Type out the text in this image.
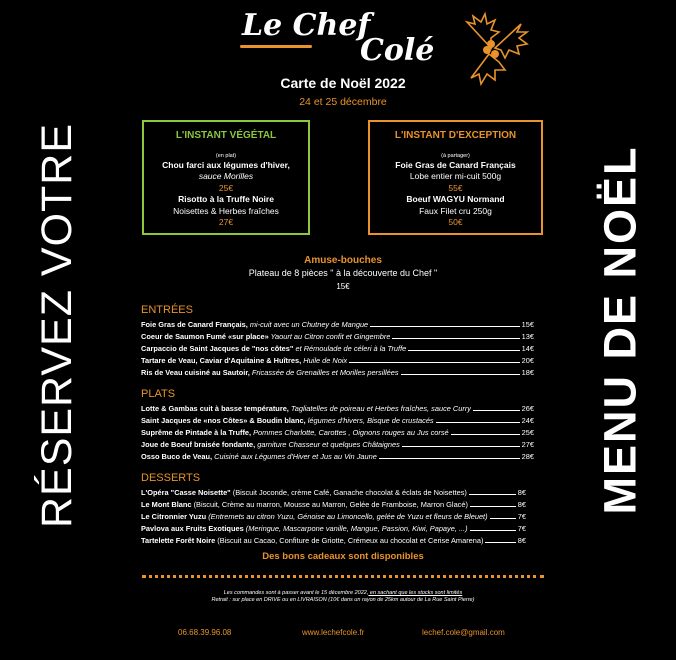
RÉSERVEZ VOTRE	MENU DE NOËL
Le Chef
Colé
Carte de Noël 2022
24 et 25 décembre
L'INSTANT VÉGÉTAL
(en plat)
Chou farci aux légumes d'hiver,
sauce Morilles
25€
Risotto à la Truffe Noire
Noisettes & Herbes fraîches
27€
L'INSTANT D'EXCEPTION
(à partager)
Foie Gras de Canard Français
Lobe entier mi-cuit 500g
55€
Boeuf WAGYU Normand
Faux Filet cru 250g
50€
Amuse-bouches
Plateau de 8 pièces " à la découverte du Chef "
15€
ENTRÉES
Foie Gras de Canard Français, mi-cuit avec un Chutney de Mangue	15€
Coeur de Saumon Fumé «sur place» Yaourt au Citron confit et Gingembre	13€
Carpaccio de Saint Jacques de "nos côtes" et Rémoulade de céleri à la Truffe	14€
Tartare de Veau, Caviar d'Aquitaine & Huîtres, Huile de Noix	20€
Ris de Veau cuisiné au Sautoir, Fricassée de Grenailles et Morilles persillées	18€
PLATS
Lotte & Gambas cuit à basse température, Tagliatelles de poireau et Herbes fraîches, sauce Curry	26€
Saint Jacques de «nos Côtes» & Boudin blanc, légumes d'hivers, Bisque de crustacés	24€
Suprême de Pintade à la Truffe, Pommes Charlotte, Carottes , Oignons rouges au Jus corsé	25€
Joue de Boeuf braisée fondante, garniture Chasseur et quelques Châtaignes	27€
Osso Buco de Veau, Cuisiné aux Légumes d'Hiver et Jus au Vin Jaune	28€
DESSERTS
L'Opéra "Casse Noisette" (Biscuit Joconde, crème Café, Ganache chocolat & éclats de Noisettes)	8€
Le Mont Blanc (Biscuit, Crème au marron, Mousse au Marron, Gelée de Framboise, Marron Glacé)	8€
Le Citronnier Yuzu (Entremets au citron Yuzu, Génoise au Limoncello, gelée de Yuzu et fleurs de Bleuet)	7€
Pavlova aux Fruits Exotiques (Meringue, Mascarpone vanille, Mangue, Passion, Kiwi, Papaye, ...)	7€
Tartelette Forêt Noire (Biscuit au Cacao, Confiture de Griotte, Crémeux au chocolat et Cerise Amarena)	8€
Des bons cadeaux sont disponibles
Les commandes sont à passer avant le 15 décembre 2022, en sachant que les stocks sont limités
Retrait : sur place en DRIVE ou en LIVRAISON (10€ dans un rayon de 25km autour de La Rue Saint Pierre)
06.68.39.96.08	www.lechefcole.fr	lechef.cole@gmail.com
